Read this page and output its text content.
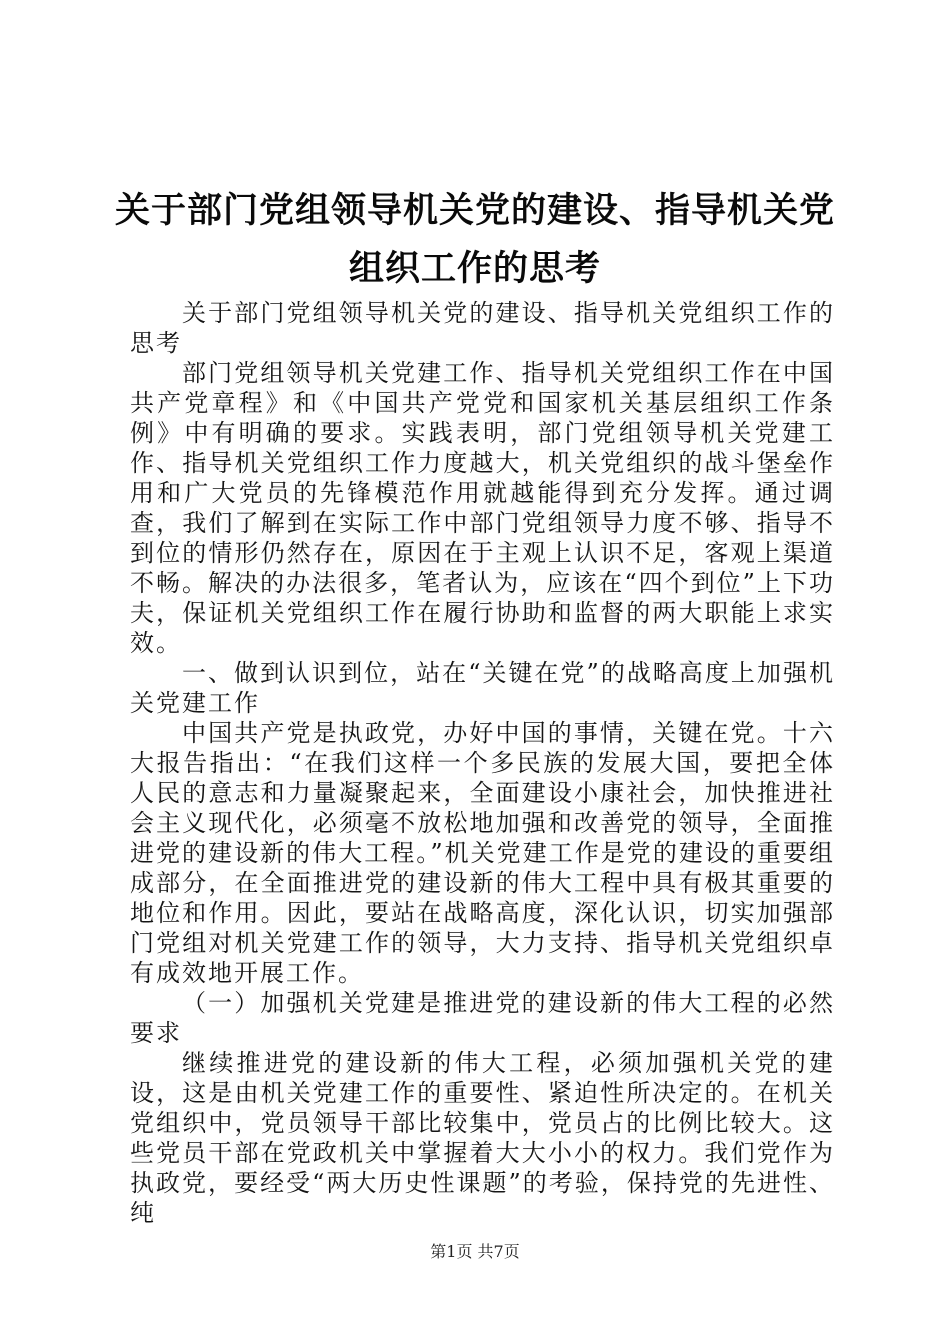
关于部门党组领导机关党的建设、指导机关党组织工作的思考

关于部门党组领导机关党的建设、指导机关党组织工作的思考

部门党组领导机关党建工作、指导机关党组织工作在中国共产党章程》和《中国共产党党和国家机关基层组织工作条例》中有明确的要求。实践表明，部门党组领导机关党建工作、指导机关党组织工作力度越大，机关党组织的战斗堡垒作用和广大党员的先锋模范作用就越能得到充分发挥。通过调查，我们了解到在实际工作中部门党组领导力度不够、指导不到位的情形仍然存在，原因在于主观上认识不足，客观上渠道不畅。解决的办法很多，笔者认为，应该在“四个到位”上下功夫，保证机关党组织工作在履行协助和监督的两大职能上求实效。

一、做到认识到位，站在“关键在党”的战略高度上加强机关党建工作

中国共产党是执政党，办好中国的事情，关键在党。十六大报告指出：“在我们这样一个多民族的发展大国，要把全体人民的意志和力量凝聚起来，全面建设小康社会，加快推进社会主义现代化，必须毫不放松地加强和改善党的领导，全面推进党的建设新的伟大工程。”机关党建工作是党的建设的重要组成部分，在全面推进党的建设新的伟大工程中具有极其重要的地位和作用。因此，要站在战略高度，深化认识，切实加强部门党组对机关党建工作的领导，大力支持、指导机关党组织卓有成效地开展工作。

（一）加强机关党建是推进党的建设新的伟大工程的必然要求

继续推进党的建设新的伟大工程，必须加强机关党的建设，这是由机关党建工作的重要性、紧迫性所决定的。在机关党组织中，党员领导干部比较集中，党员占的比例比较大。这些党员干部在党政机关中掌握着大大小小的权力。我们党作为执政党，要经受“两大历史性课题”的考验，保持党的先进性、纯

第1页 共7页
